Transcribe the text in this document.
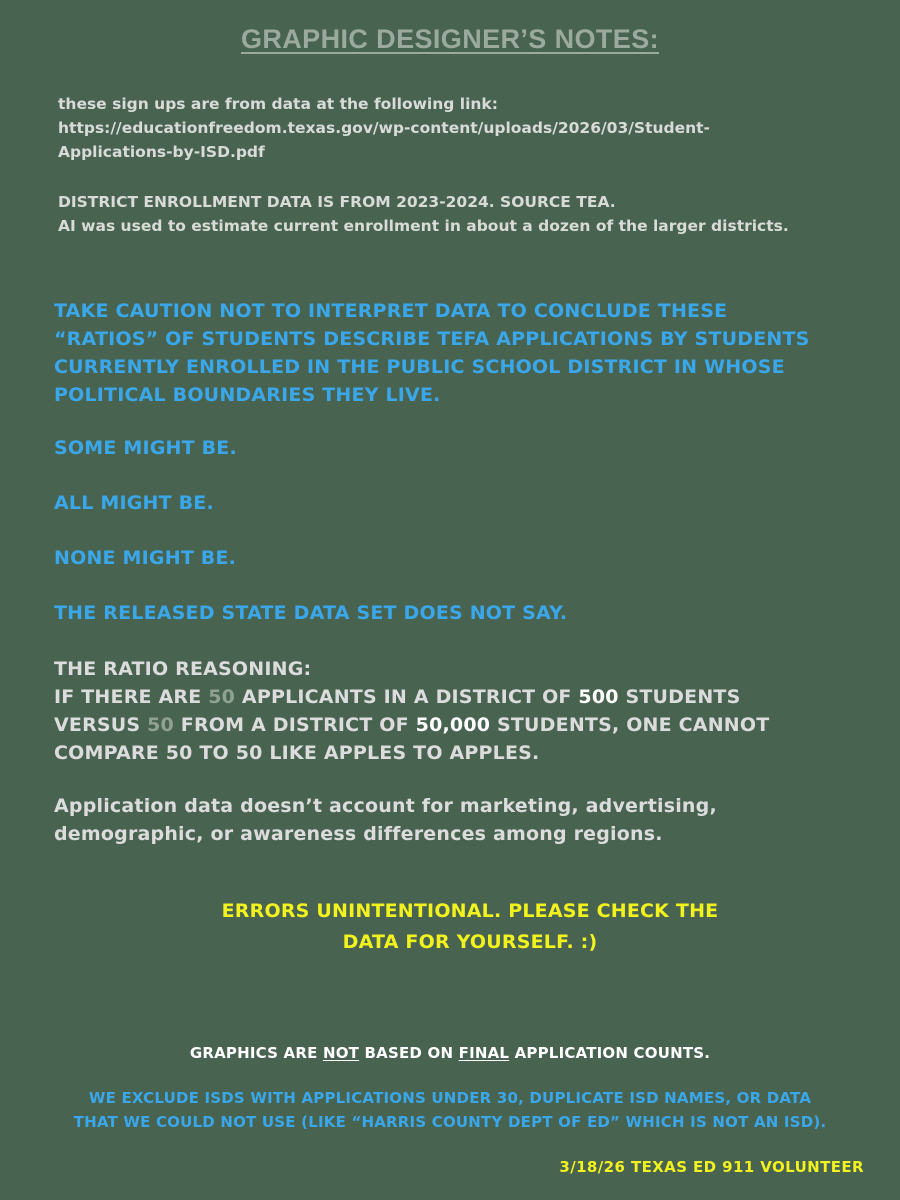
GRAPHIC DESIGNER’S NOTES:
these sign ups are from data at the following link:
https://educationfreedom.texas.gov/wp-content/uploads/2026/03/Student-
Applications-by-ISD.pdf
DISTRICT ENROLLMENT DATA IS FROM 2023-2024. SOURCE TEA.
AI was used to estimate current enrollment in about a dozen of the larger districts.
TAKE CAUTION NOT TO INTERPRET DATA TO CONCLUDE THESE
“RATIOS” OF STUDENTS DESCRIBE TEFA APPLICATIONS BY STUDENTS
CURRENTLY ENROLLED IN THE PUBLIC SCHOOL DISTRICT IN WHOSE
POLITICAL BOUNDARIES THEY LIVE.
SOME MIGHT BE.
ALL MIGHT BE.
NONE MIGHT BE.
THE RELEASED STATE DATA SET DOES NOT SAY.
THE RATIO REASONING:
IF THERE ARE 50 APPLICANTS IN A DISTRICT OF 500 STUDENTS
VERSUS 50 FROM A DISTRICT OF 50,000 STUDENTS, ONE CANNOT
COMPARE 50 TO 50 LIKE APPLES TO APPLES.
Application data doesn’t account for marketing, advertising,
demographic, or awareness differences among regions.
ERRORS UNINTENTIONAL. PLEASE CHECK THE
DATA FOR YOURSELF. :)
GRAPHICS ARE NOT BASED ON FINAL APPLICATION COUNTS.
WE EXCLUDE ISDS WITH APPLICATIONS UNDER 30, DUPLICATE ISD NAMES, OR DATA
THAT WE COULD NOT USE (LIKE “HARRIS COUNTY DEPT OF ED” WHICH IS NOT AN ISD).
3/18/26 TEXAS ED 911 VOLUNTEER
